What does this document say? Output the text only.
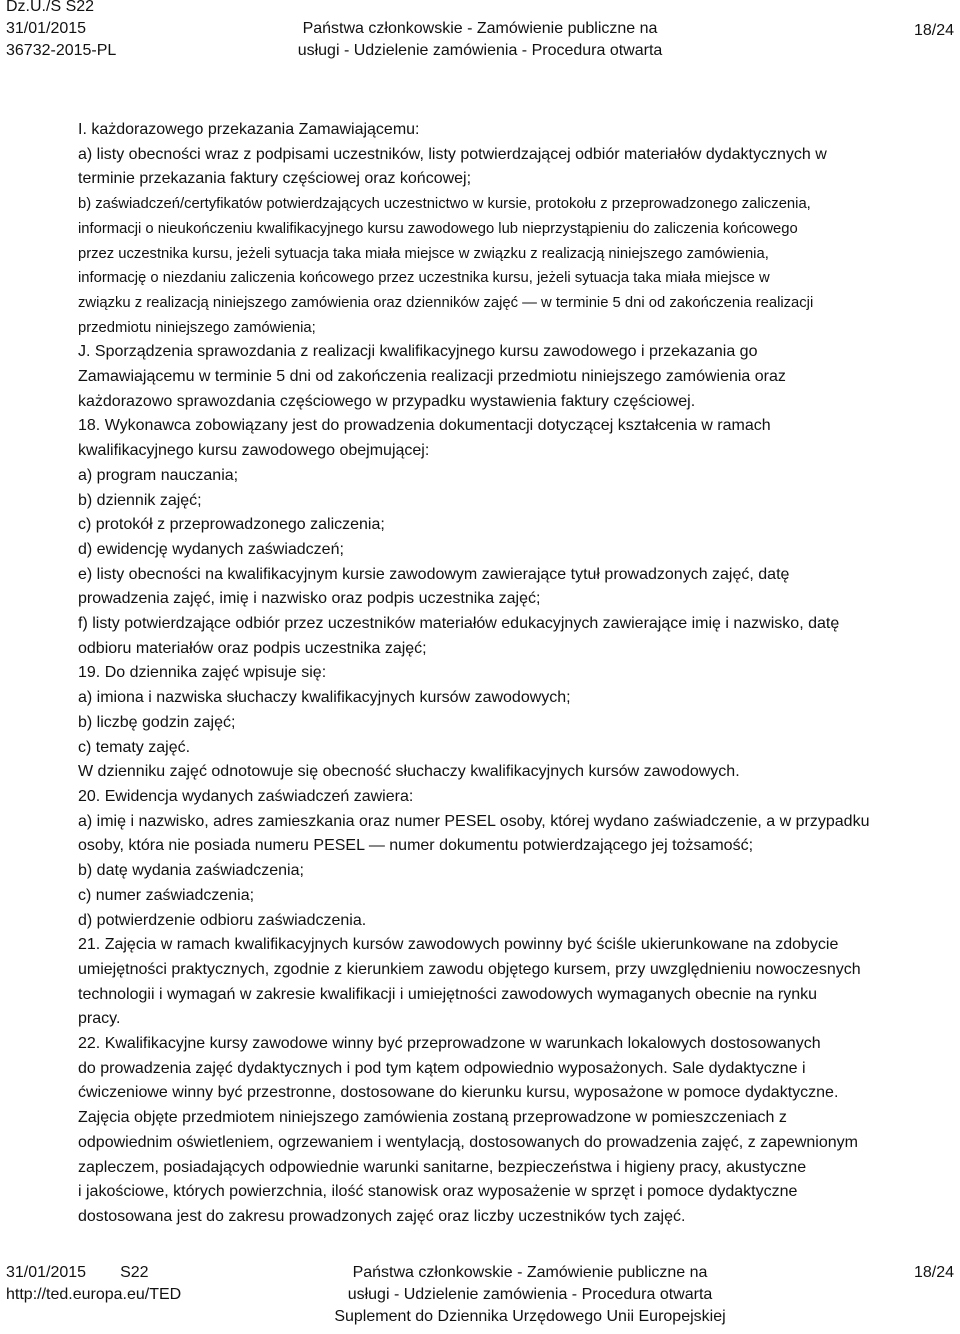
Dz.U./S S22
31/01/2015
36732-2015-PL
Państwa członkowskie - Zamówienie publiczne na
usługi - Udzielenie zamówienia - Procedura otwarta
18/24

I. każdorazowego przekazania Zamawiającemu:

a) listy obecności wraz z podpisami uczestników, listy potwierdzającej odbiór materiałów dydaktycznych w

terminie przekazania faktury częściowej oraz końcowej;

b) zaświadczeń/certyfikatów potwierdzających uczestnictwo w kursie, protokołu z przeprowadzonego zaliczenia,

informacji o nieukończeniu kwalifikacyjnego kursu zawodowego lub nieprzystąpieniu do zaliczenia końcowego

przez uczestnika kursu, jeżeli sytuacja taka miała miejsce w związku z realizacją niniejszego zamówienia,

informację o niezdaniu zaliczenia końcowego przez uczestnika kursu, jeżeli sytuacja taka miała miejsce w

związku z realizacją niniejszego zamówienia oraz dzienników zajęć — w terminie 5 dni od zakończenia realizacji

przedmiotu niniejszego zamówienia;

J. Sporządzenia sprawozdania z realizacji kwalifikacyjnego kursu zawodowego i przekazania go

Zamawiającemu w terminie 5 dni od zakończenia realizacji przedmiotu niniejszego zamówienia oraz

każdorazowo sprawozdania częściowego w przypadku wystawienia faktury częściowej.

18. Wykonawca zobowiązany jest do prowadzenia dokumentacji dotyczącej kształcenia w ramach

kwalifikacyjnego kursu zawodowego obejmującej:

a) program nauczania;

b) dziennik zajęć;

c) protokół z przeprowadzonego zaliczenia;

d) ewidencję wydanych zaświadczeń;

e) listy obecności na kwalifikacyjnym kursie zawodowym zawierające tytuł prowadzonych zajęć, datę

prowadzenia zajęć, imię i nazwisko oraz podpis uczestnika zajęć;

f) listy potwierdzające odbiór przez uczestników materiałów edukacyjnych zawierające imię i nazwisko, datę

odbioru materiałów oraz podpis uczestnika zajęć;

19. Do dziennika zajęć wpisuje się:

a) imiona i nazwiska słuchaczy kwalifikacyjnych kursów zawodowych;

b) liczbę godzin zajęć;

c) tematy zajęć.

W dzienniku zajęć odnotowuje się obecność słuchaczy kwalifikacyjnych kursów zawodowych.

20. Ewidencja wydanych zaświadczeń zawiera:

a) imię i nazwisko, adres zamieszkania oraz numer PESEL osoby, której wydano zaświadczenie, a w przypadku

osoby, która nie posiada numeru PESEL — numer dokumentu potwierdzającego jej tożsamość;

b) datę wydania zaświadczenia;

c) numer zaświadczenia;

d) potwierdzenie odbioru zaświadczenia.

21. Zajęcia w ramach kwalifikacyjnych kursów zawodowych powinny być ściśle ukierunkowane na zdobycie

umiejętności praktycznych, zgodnie z kierunkiem zawodu objętego kursem, przy uwzględnieniu nowoczesnych

technologii i wymagań w zakresie kwalifikacji i umiejętności zawodowych wymaganych obecnie na rynku

pracy.

22. Kwalifikacyjne kursy zawodowe winny być przeprowadzone w warunkach lokalowych dostosowanych

do prowadzenia zajęć dydaktycznych i pod tym kątem odpowiednio wyposażonych. Sale dydaktyczne i

ćwiczeniowe winny być przestronne, dostosowane do kierunku kursu, wyposażone w pomoce dydaktyczne.

Zajęcia objęte przedmiotem niniejszego zamówienia zostaną przeprowadzone w pomieszczeniach z

odpowiednim oświetleniem, ogrzewaniem i wentylacją, dostosowanych do prowadzenia zajęć, z zapewnionym

zapleczem, posiadających odpowiednie warunki sanitarne, bezpieczeństwa i higieny pracy, akustyczne

i jakościowe, których powierzchnia, ilość stanowisk oraz wyposażenie w sprzęt i pomoce dydaktyczne

dostosowana jest do zakresu prowadzonych zajęć oraz liczby uczestników tych zajęć.

31/01/2015 S22
http://ted.europa.eu/TED
Państwa członkowskie - Zamówienie publiczne na
usługi - Udzielenie zamówienia - Procedura otwarta
Suplement do Dziennika Urzędowego Unii Europejskiej
18/24
